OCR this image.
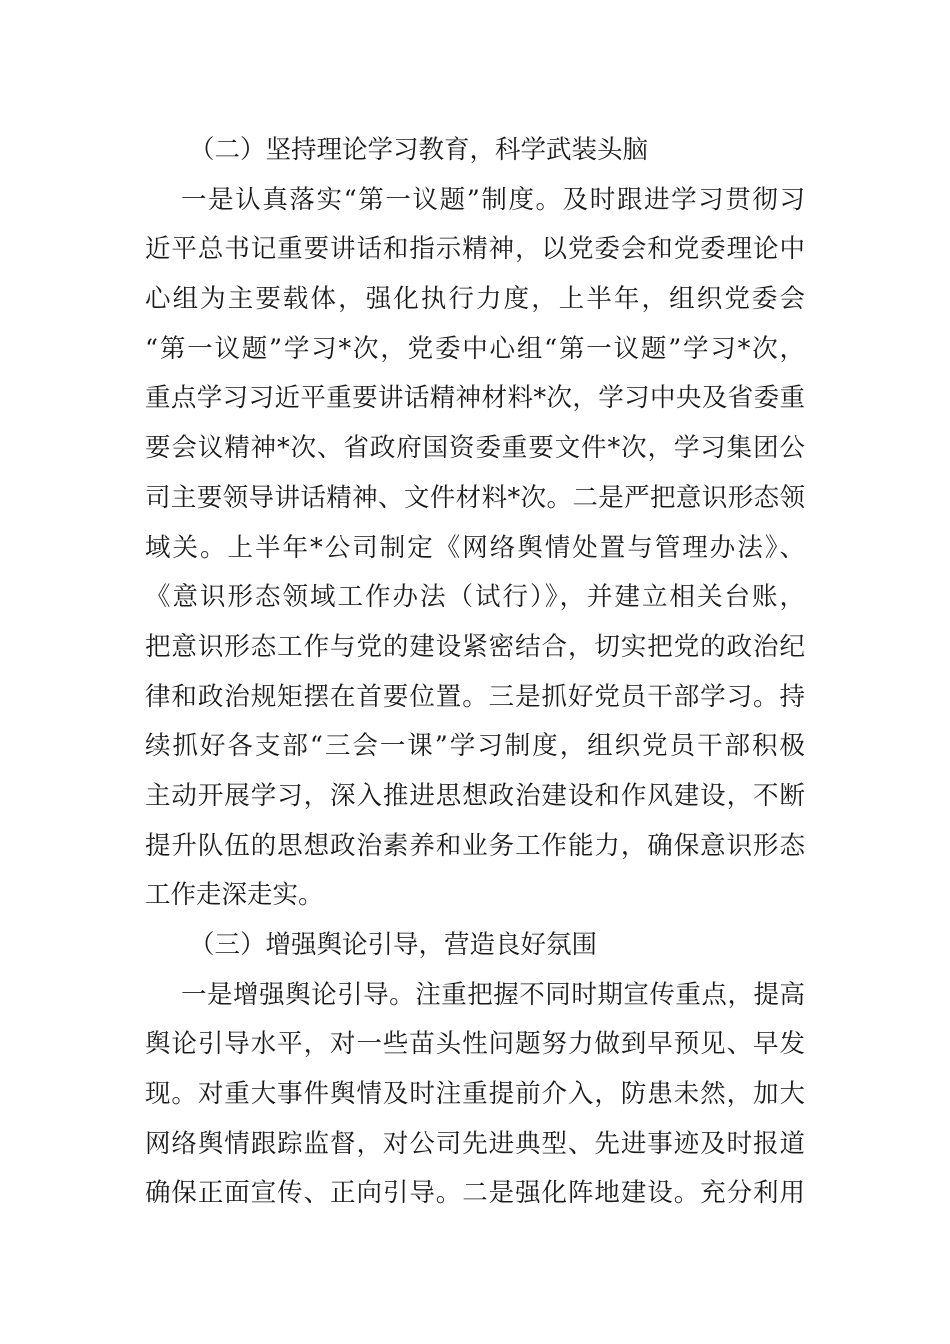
（二）坚持理论学习教育，科学武装头脑
一是认真落实“第一议题”制度。及时跟进学习贯彻习
近平总书记重要讲话和指示精神，以党委会和党委理论中
心组为主要载体，强化执行力度，上半年，组织党委会
“第一议题”学习*次，党委中心组“第一议题”学习*次，
重点学习习近平重要讲话精神材料*次，学习中央及省委重
要会议精神*次、省政府国资委重要文件*次，学习集团公
司主要领导讲话精神、文件材料*次。二是严把意识形态领
域关。上半年*公司制定《网络舆情处置与管理办法》、
《意识形态领域工作办法（试行）》，并建立相关台账，
把意识形态工作与党的建设紧密结合，切实把党的政治纪
律和政治规矩摆在首要位置。三是抓好党员干部学习。持
续抓好各支部“三会一课”学习制度，组织党员干部积极
主动开展学习，深入推进思想政治建设和作风建设，不断
提升队伍的思想政治素养和业务工作能力，确保意识形态
工作走深走实。
（三）增强舆论引导，营造良好氛围
一是增强舆论引导。注重把握不同时期宣传重点，提高
舆论引导水平，对一些苗头性问题努力做到早预见、早发
现。对重大事件舆情及时注重提前介入，防患未然，加大
网络舆情跟踪监督，对公司先进典型、先进事迹及时报道
确保正面宣传、正向引导。二是强化阵地建设。充分利用
